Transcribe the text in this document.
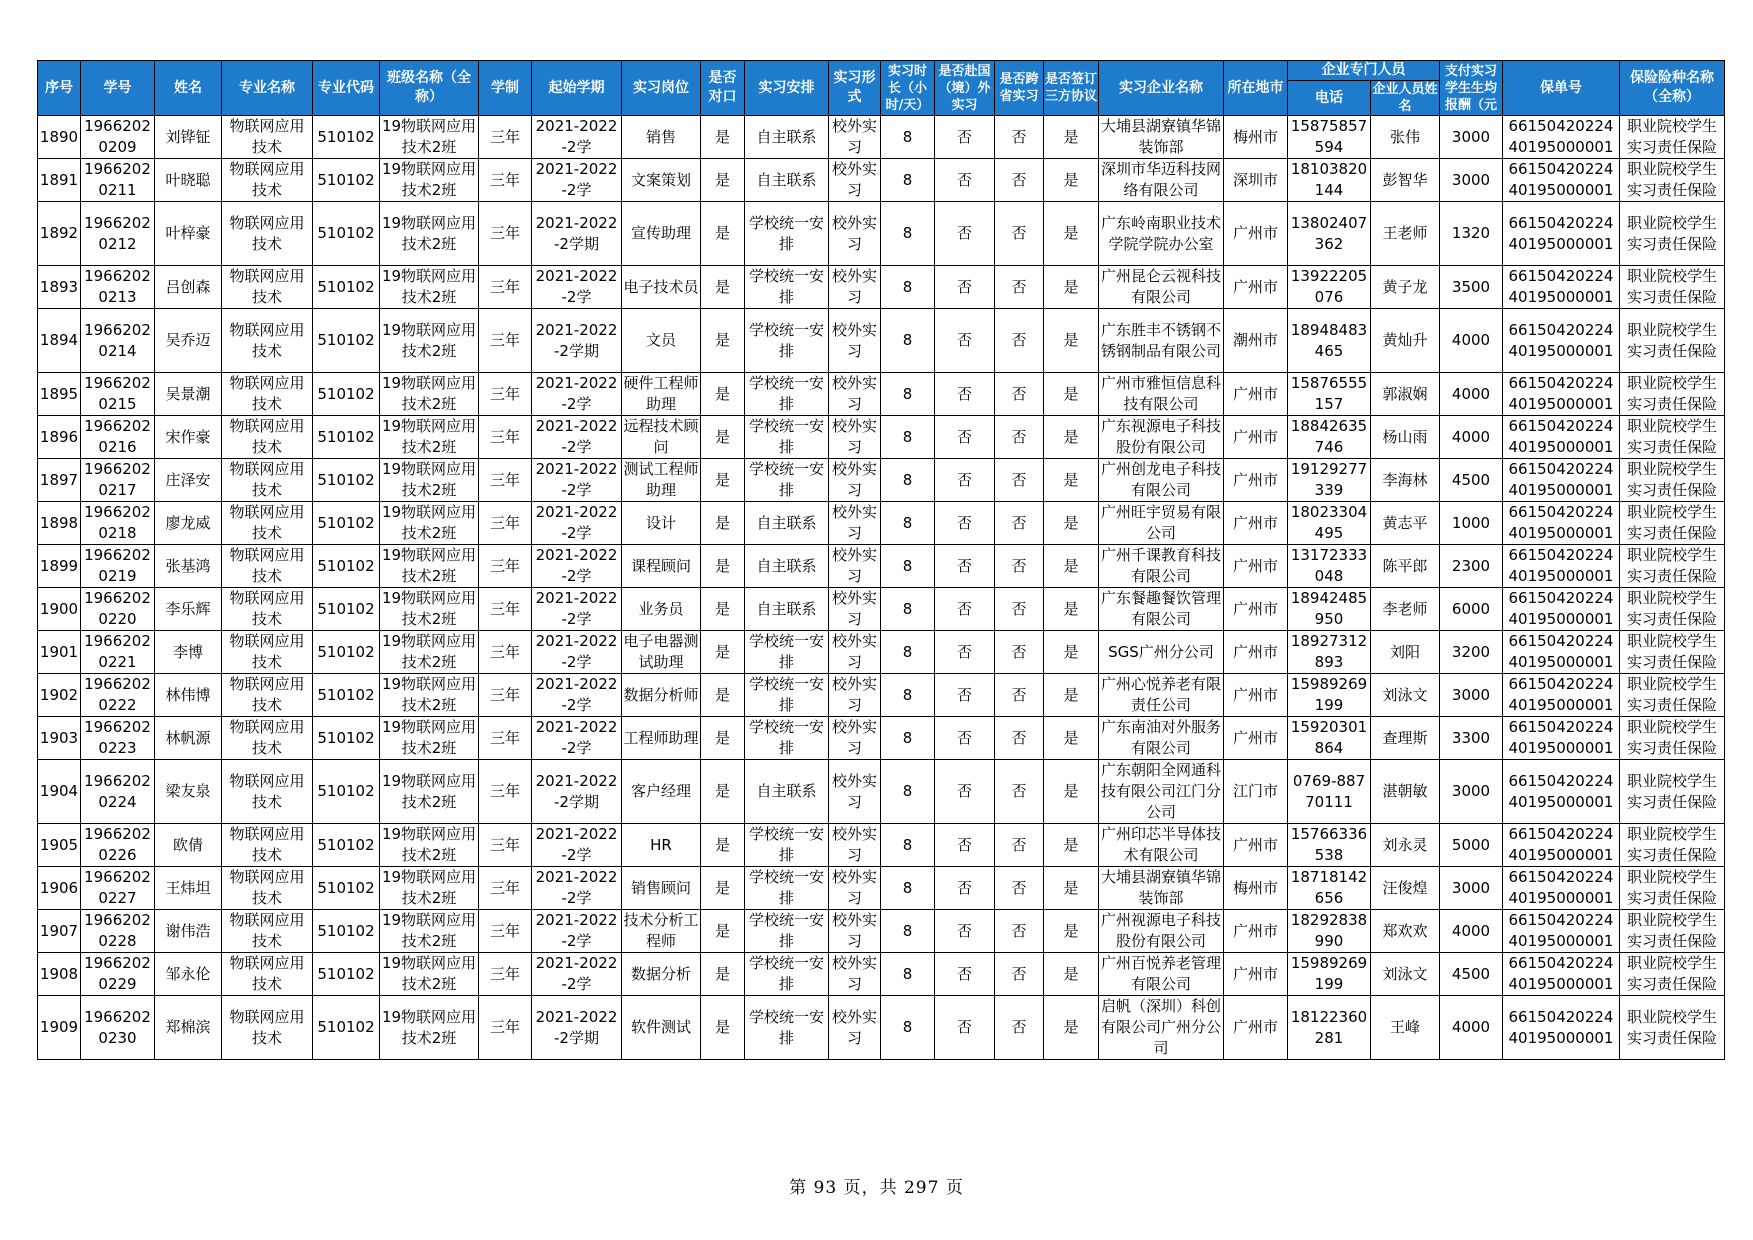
序号	学号	姓名	专业名称	专业代码	班级名称（全称）	学制	起始学期	实习岗位	是否对口	实习安排	实习形式	实习时长（小时/天）	是否赴国（境）外实习	是否跨省实习	是否签订三方协议	实习企业名称	所在地市	企业专门人员		支付实习学生生均报酬（元	保单号	保险险种名称（全称）
																		电话	企业人员姓名			

1890	19662020209	刘铧钲	物联网应用技术	510102	19物联网应用技术2班	三年	2021-2022-2学	销售	是	自主联系	校外实习	8	否	否	是	大埔县湖寮镇华锦装饰部	梅州市	15875857594	张伟	3000	6615042022440195000001	职业院校学生实习责任保险

1891	19662020211	叶晓聪	物联网应用技术	510102	19物联网应用技术2班	三年	2021-2022-2学	文案策划	是	自主联系	校外实习	8	否	否	是	深圳市华迈科技网络有限公司	深圳市	18103820144	彭智华	3000	6615042022440195000001	职业院校学生实习责任保险

1892	19662020212	叶梓豪	物联网应用技术	510102	19物联网应用技术2班	三年	2021-2022-2学期	宣传助理	是	学校统一安排	校外实习	8	否	否	是	广东岭南职业技术学院学院办公室	广州市	13802407362	王老师	1320	6615042022440195000001	职业院校学生实习责任保险

1893	19662020213	吕创森	物联网应用技术	510102	19物联网应用技术2班	三年	2021-2022-2学	电子技术员	是	学校统一安排	校外实习	8	否	否	是	广州昆仑云视科技有限公司	广州市	13922205076	黄子龙	3500	6615042022440195000001	职业院校学生实习责任保险

1894	19662020214	吴乔迈	物联网应用技术	510102	19物联网应用技术2班	三年	2021-2022-2学期	文员	是	学校统一安排	校外实习	8	否	否	是	广东胜丰不锈钢不锈钢制品有限公司	潮州市	18948483465	黄灿升	4000	6615042022440195000001	职业院校学生实习责任保险

1895	19662020215	吴景潮	物联网应用技术	510102	19物联网应用技术2班	三年	2021-2022-2学	硬件工程师助理	是	学校统一安排	校外实习	8	否	否	是	广州市雅恒信息科技有限公司	广州市	15876555157	郭淑娴	4000	6615042022440195000001	职业院校学生实习责任保险

1896	19662020216	宋作豪	物联网应用技术	510102	19物联网应用技术2班	三年	2021-2022-2学	远程技术顾问	是	学校统一安排	校外实习	8	否	否	是	广东视源电子科技股份有限公司	广州市	18842635746	杨山雨	4000	6615042022440195000001	职业院校学生实习责任保险

1897	19662020217	庄泽安	物联网应用技术	510102	19物联网应用技术2班	三年	2021-2022-2学	测试工程师助理	是	学校统一安排	校外实习	8	否	否	是	广州创龙电子科技有限公司	广州市	19129277339	李海林	4500	6615042022440195000001	职业院校学生实习责任保险

1898	19662020218	廖龙威	物联网应用技术	510102	19物联网应用技术2班	三年	2021-2022-2学	设计	是	自主联系	校外实习	8	否	否	是	广州旺宇贸易有限公司	广州市	18023304495	黄志平	1000	6615042022440195000001	职业院校学生实习责任保险

1899	19662020219	张基鸿	物联网应用技术	510102	19物联网应用技术2班	三年	2021-2022-2学	课程顾问	是	自主联系	校外实习	8	否	否	是	广州千课教育科技有限公司	广州市	13172333048	陈平郎	2300	6615042022440195000001	职业院校学生实习责任保险

1900	19662020220	李乐辉	物联网应用技术	510102	19物联网应用技术2班	三年	2021-2022-2学	业务员	是	自主联系	校外实习	8	否	否	是	广东餐趣餐饮管理有限公司	广州市	18942485950	李老师	6000	6615042022440195000001	职业院校学生实习责任保险

1901	19662020221	李博	物联网应用技术	510102	19物联网应用技术2班	三年	2021-2022-2学	电子电器测试助理	是	学校统一安排	校外实习	8	否	否	是	SGS广州分公司	广州市	18927312893	刘阳	3200	6615042022440195000001	职业院校学生实习责任保险

1902	19662020222	林伟博	物联网应用技术	510102	19物联网应用技术2班	三年	2021-2022-2学	数据分析师	是	学校统一安排	校外实习	8	否	否	是	广州心悦养老有限责任公司	广州市	15989269199	刘泳文	3000	6615042022440195000001	职业院校学生实习责任保险

1903	19662020223	林帆源	物联网应用技术	510102	19物联网应用技术2班	三年	2021-2022-2学	工程师助理	是	学校统一安排	校外实习	8	否	否	是	广东南油对外服务有限公司	广州市	15920301864	查理斯	3300	6615042022440195000001	职业院校学生实习责任保险

1904	19662020224	梁友泉	物联网应用技术	510102	19物联网应用技术2班	三年	2021-2022-2学期	客户经理	是	自主联系	校外实习	8	否	否	是	广东朝阳全网通科技有限公司江门分公司	江门市	0769-88770111	湛朝敏	3000	6615042022440195000001	职业院校学生实习责任保险

1905	19662020226	欧倩	物联网应用技术	510102	19物联网应用技术2班	三年	2021-2022-2学	HR	是	学校统一安排	校外实习	8	否	否	是	广州印芯半导体技术有限公司	广州市	15766336538	刘永灵	5000	6615042022440195000001	职业院校学生实习责任保险

1906	19662020227	王炜坦	物联网应用技术	510102	19物联网应用技术2班	三年	2021-2022-2学	销售顾问	是	学校统一安排	校外实习	8	否	否	是	大埔县湖寮镇华锦装饰部	梅州市	18718142656	汪俊煌	3000	6615042022440195000001	职业院校学生实习责任保险

1907	19662020228	谢伟浩	物联网应用技术	510102	19物联网应用技术2班	三年	2021-2022-2学	技术分析工程师	是	学校统一安排	校外实习	8	否	否	是	广州视源电子科技股份有限公司	广州市	18292838990	郑欢欢	4000	6615042022440195000001	职业院校学生实习责任保险

1908	19662020229	邹永伦	物联网应用技术	510102	19物联网应用技术2班	三年	2021-2022-2学	数据分析	是	学校统一安排	校外实习	8	否	否	是	广州百悦养老管理有限公司	广州市	15989269199	刘泳文	4500	6615042022440195000001	职业院校学生实习责任保险

1909	19662020230	郑棉滨	物联网应用技术	510102	19物联网应用技术2班	三年	2021-2022-2学期	软件测试	是	学校统一安排	校外实习	8	否	否	是	启帆（深圳）科创有限公司广州分公司	广州市	18122360281	王峰	4000	6615042022440195000001	职业院校学生实习责任保险
第 93 页，共 297 页
